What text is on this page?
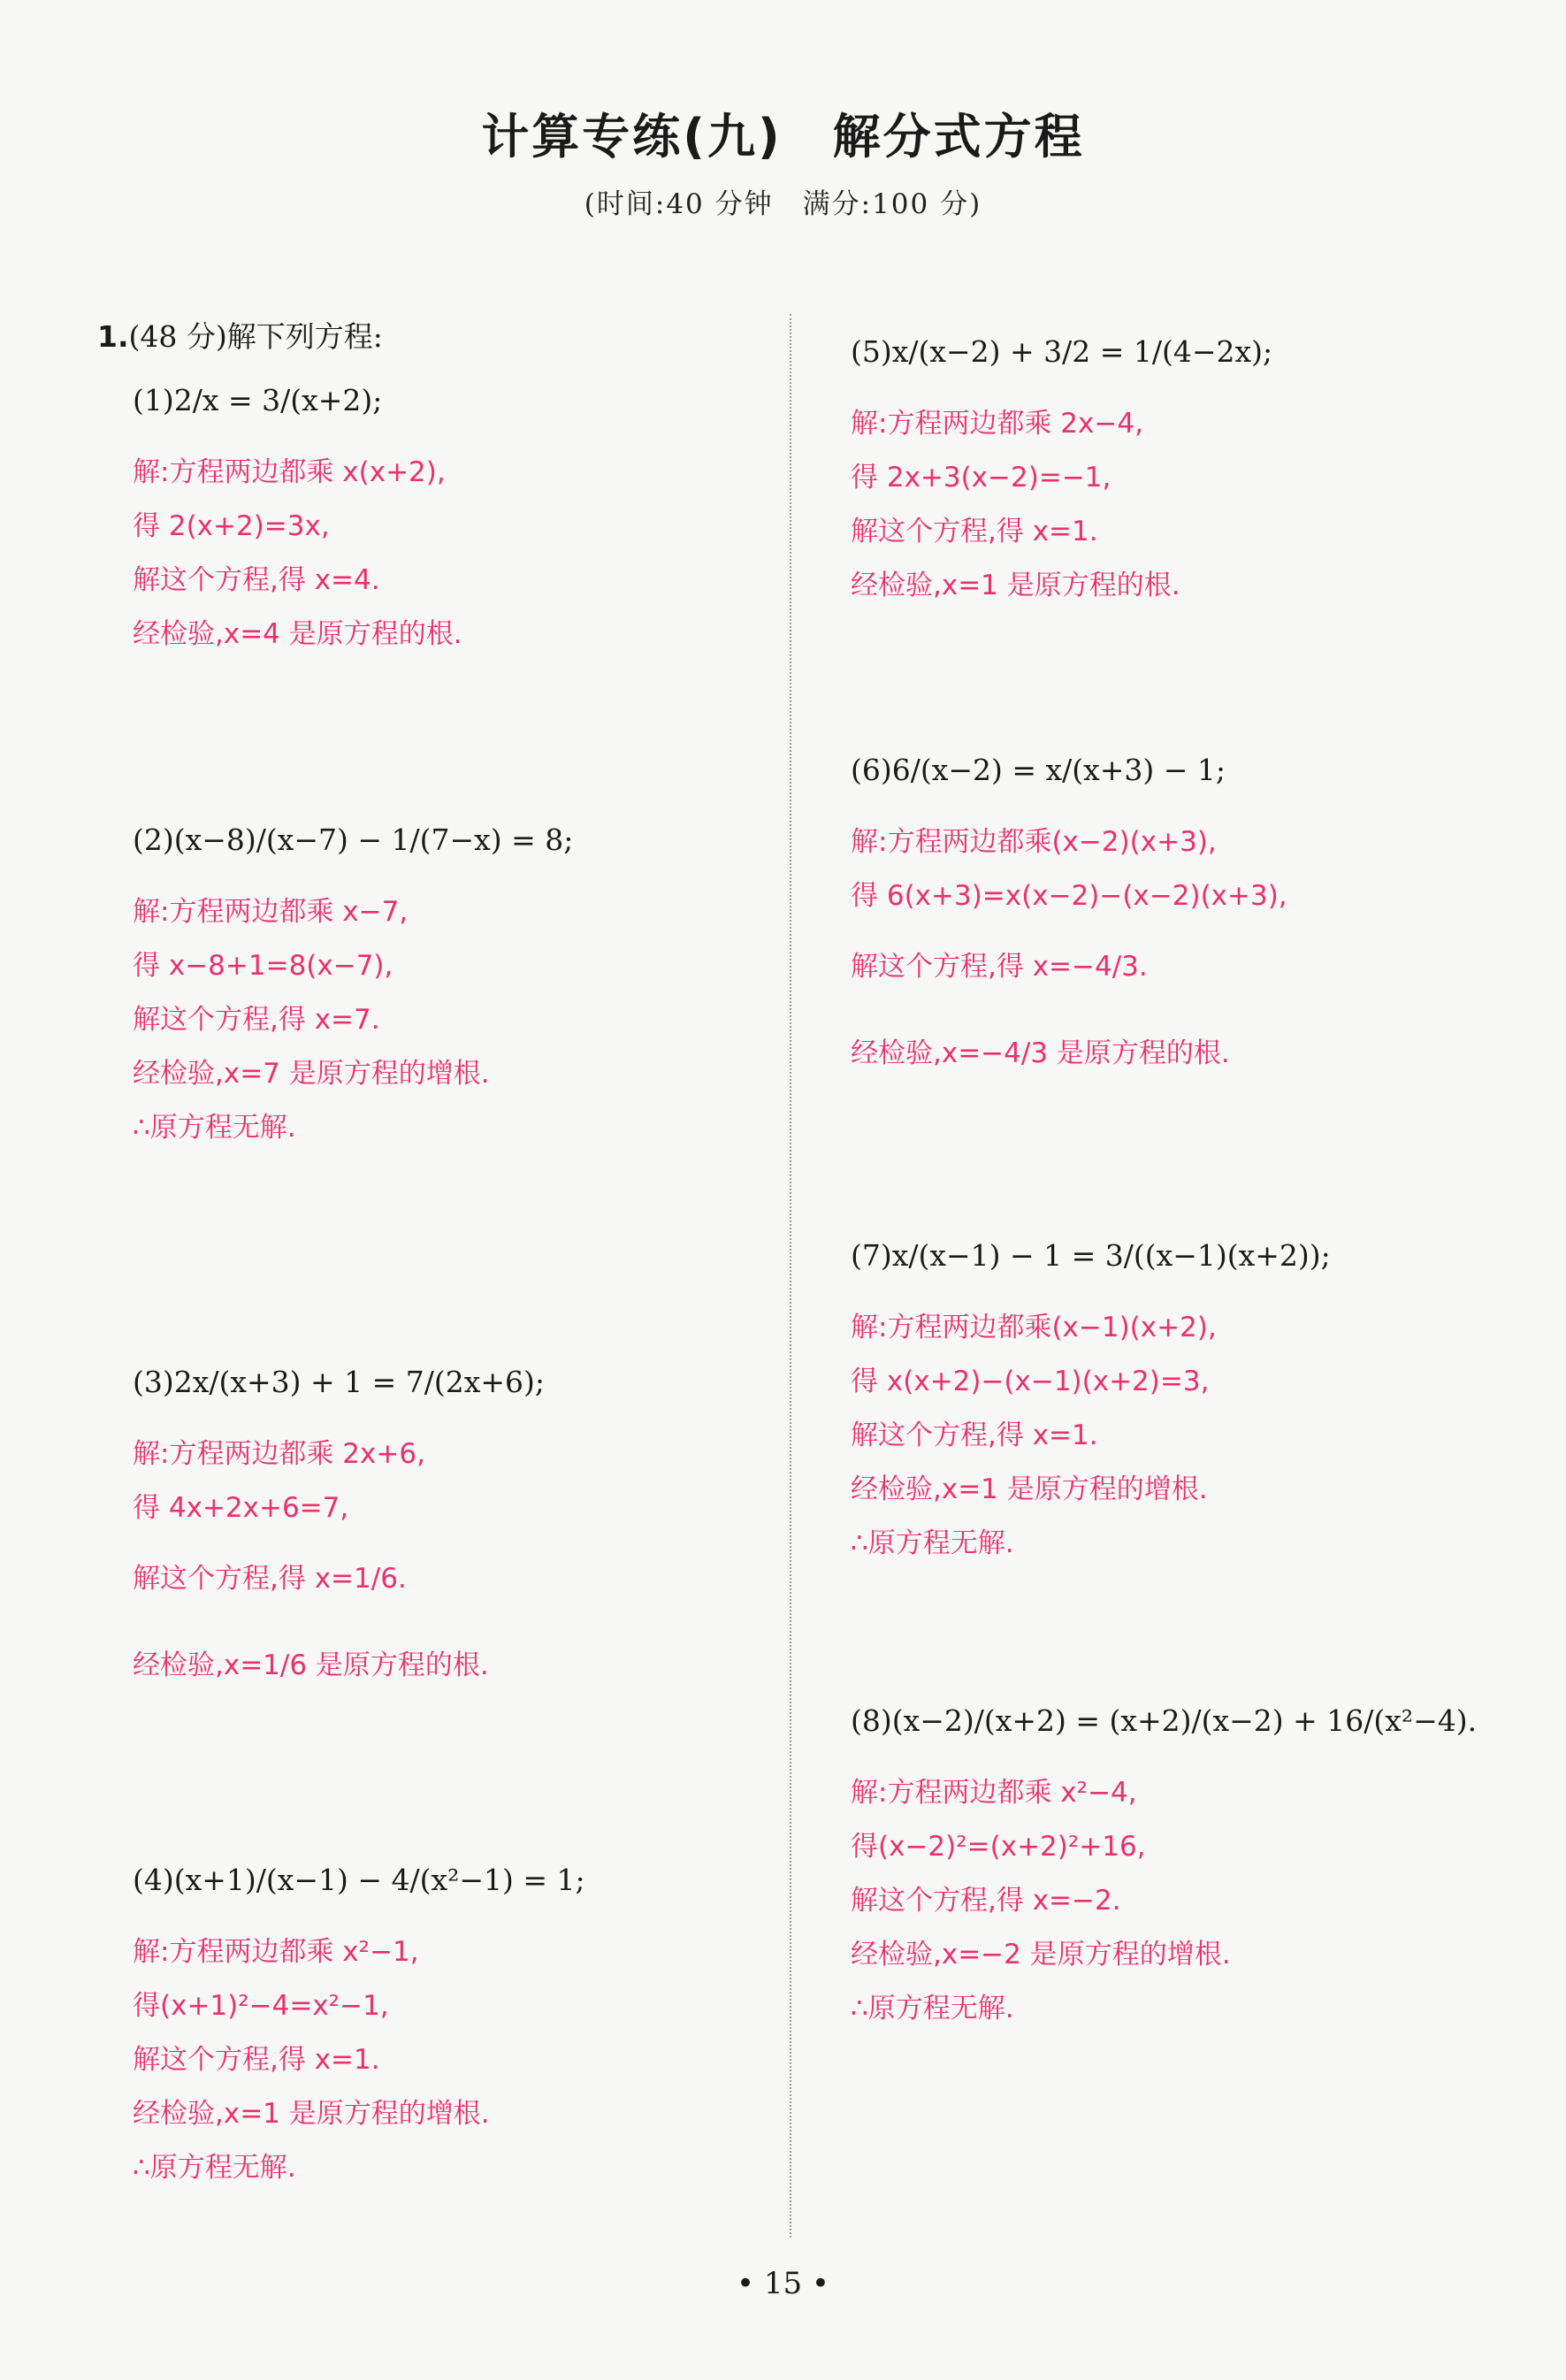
计算专练(九)　解分式方程
(时间:40 分钟　满分:100 分)
1.(48 分)解下列方程:
(1) 2/x = 3/(x+2);
解:方程两边都乘 x(x+2),
得 2(x+2)=3x,
解这个方程,得 x=4.
经检验,x=4 是原方程的根.
(2) (x−8)/(x−7) − 1/(7−x) = 8;
解:方程两边都乘 x−7,
得 x−8+1=8(x−7),
解这个方程,得 x=7.
经检验,x=7 是原方程的增根.
∴原方程无解.
(3) 2x/(x+3) + 1 = 7/(2x+6);
解:方程两边都乘 2x+6,
得 4x+2x+6=7,
解这个方程,得 x=1/6.
经检验,x=1/6 是原方程的根.
(4) (x+1)/(x−1) − 4/(x²−1) = 1;
解:方程两边都乘 x²−1,
得(x+1)²−4=x²−1,
解这个方程,得 x=1.
经检验,x=1 是原方程的增根.
∴原方程无解.
(5) x/(x−2) + 3/2 = 1/(4−2x);
解:方程两边都乘 2x−4,
得 2x+3(x−2)=−1,
解这个方程,得 x=1.
经检验,x=1 是原方程的根.
(6) 6/(x−2) = x/(x+3) − 1;
解:方程两边都乘(x−2)(x+3),
得 6(x+3)=x(x−2)−(x−2)(x+3),
解这个方程,得 x=−4/3.
经检验,x=−4/3 是原方程的根.
(7) x/(x−1) − 1 = 3/((x−1)(x+2));
解:方程两边都乘(x−1)(x+2),
得 x(x+2)−(x−1)(x+2)=3,
解这个方程,得 x=1.
经检验,x=1 是原方程的增根.
∴原方程无解.
(8) (x−2)/(x+2) = (x+2)/(x−2) + 16/(x²−4).
解:方程两边都乘 x²−4,
得(x−2)²=(x+2)²+16,
解这个方程,得 x=−2.
经检验,x=−2 是原方程的增根.
∴原方程无解.
• 15 •
